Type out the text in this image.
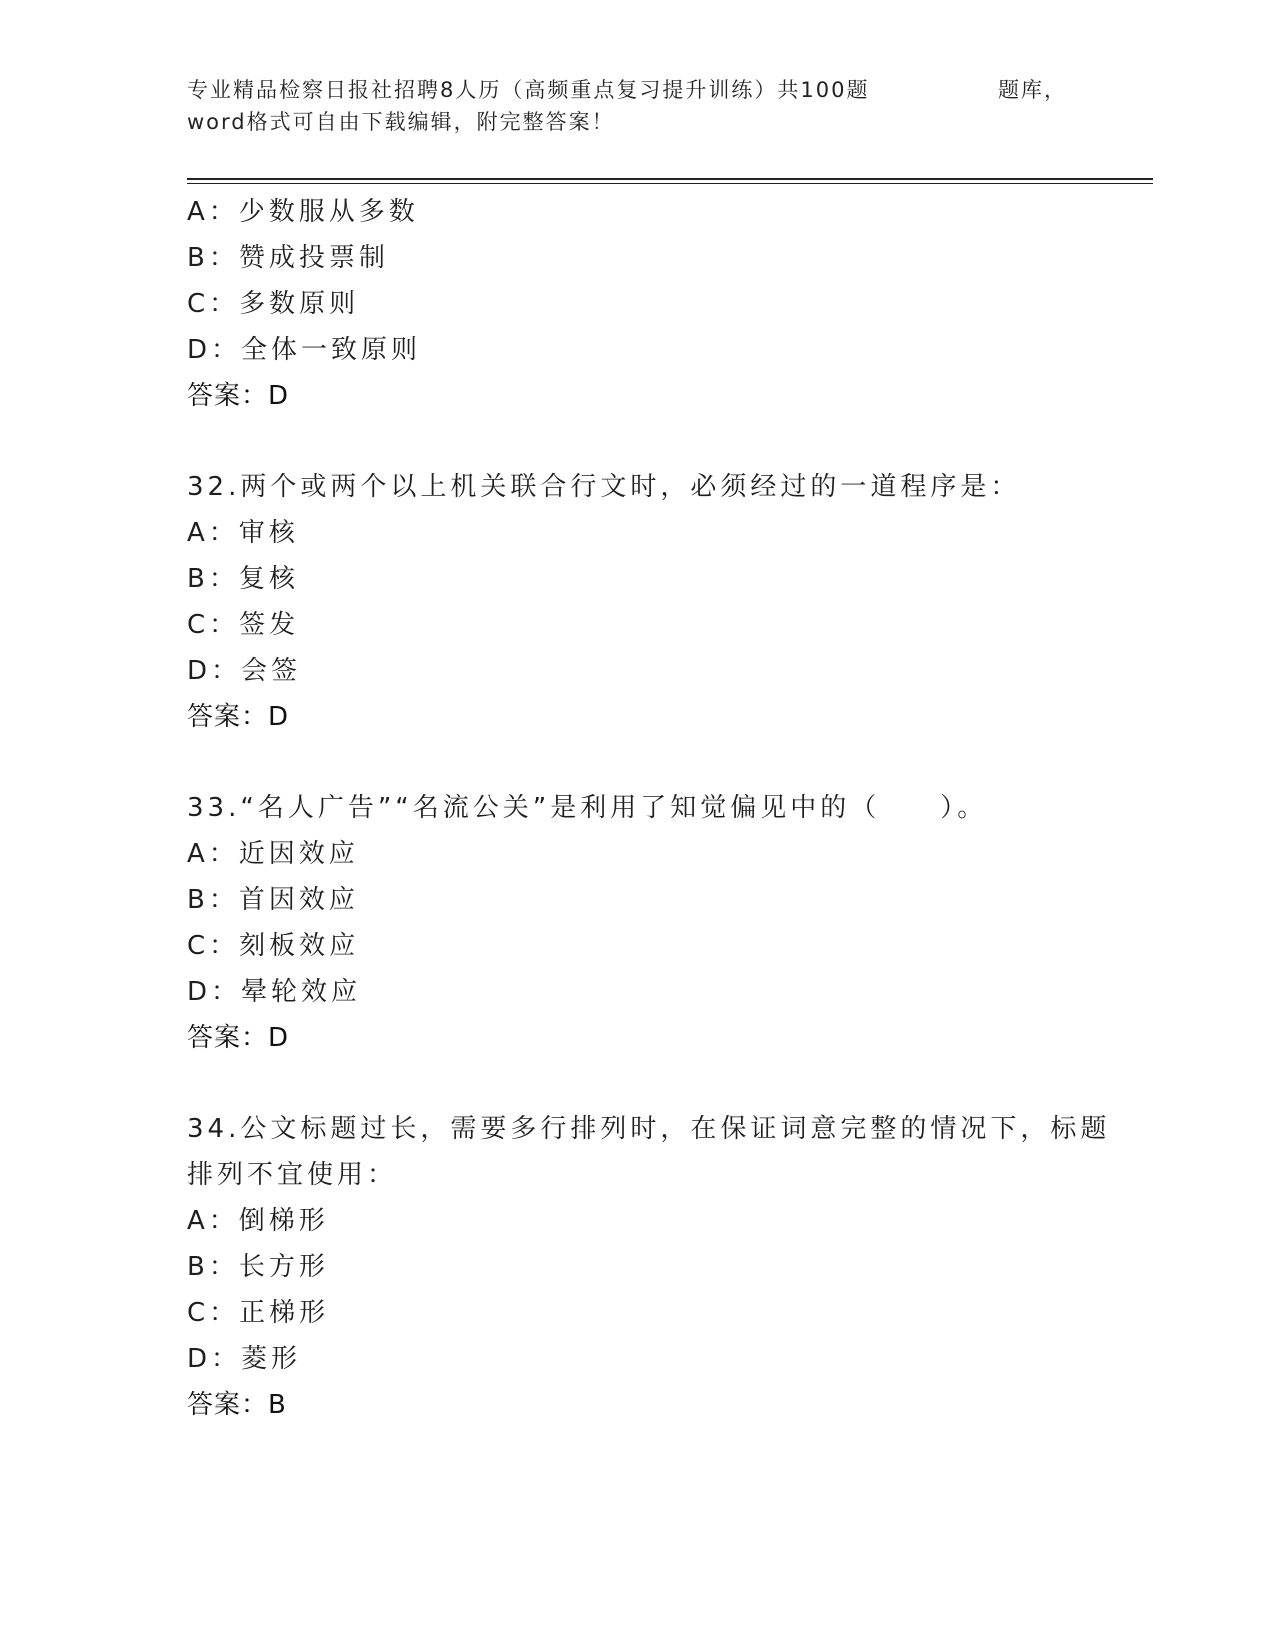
专业精品检察日报社招聘8人历（高频重点复习提升训练）共100题	题库，
word格式可自由下载编辑，附完整答案！
A：少数服从多数
B：赞成投票制
C：多数原则
D：全体一致原则
答案：D
32.两个或两个以上机关联合行文时，必须经过的一道程序是：
A：审核
B：复核
C：签发
D：会签
答案：D
33.“名人广告”“名流公关”是利用了知觉偏见中的（　　）。
A：近因效应
B：首因效应
C：刻板效应
D：晕轮效应
答案：D
34.公文标题过长，需要多行排列时，在保证词意完整的情况下，标题
排列不宜使用：
A：倒梯形
B：长方形
C：正梯形
D：菱形
答案：B
